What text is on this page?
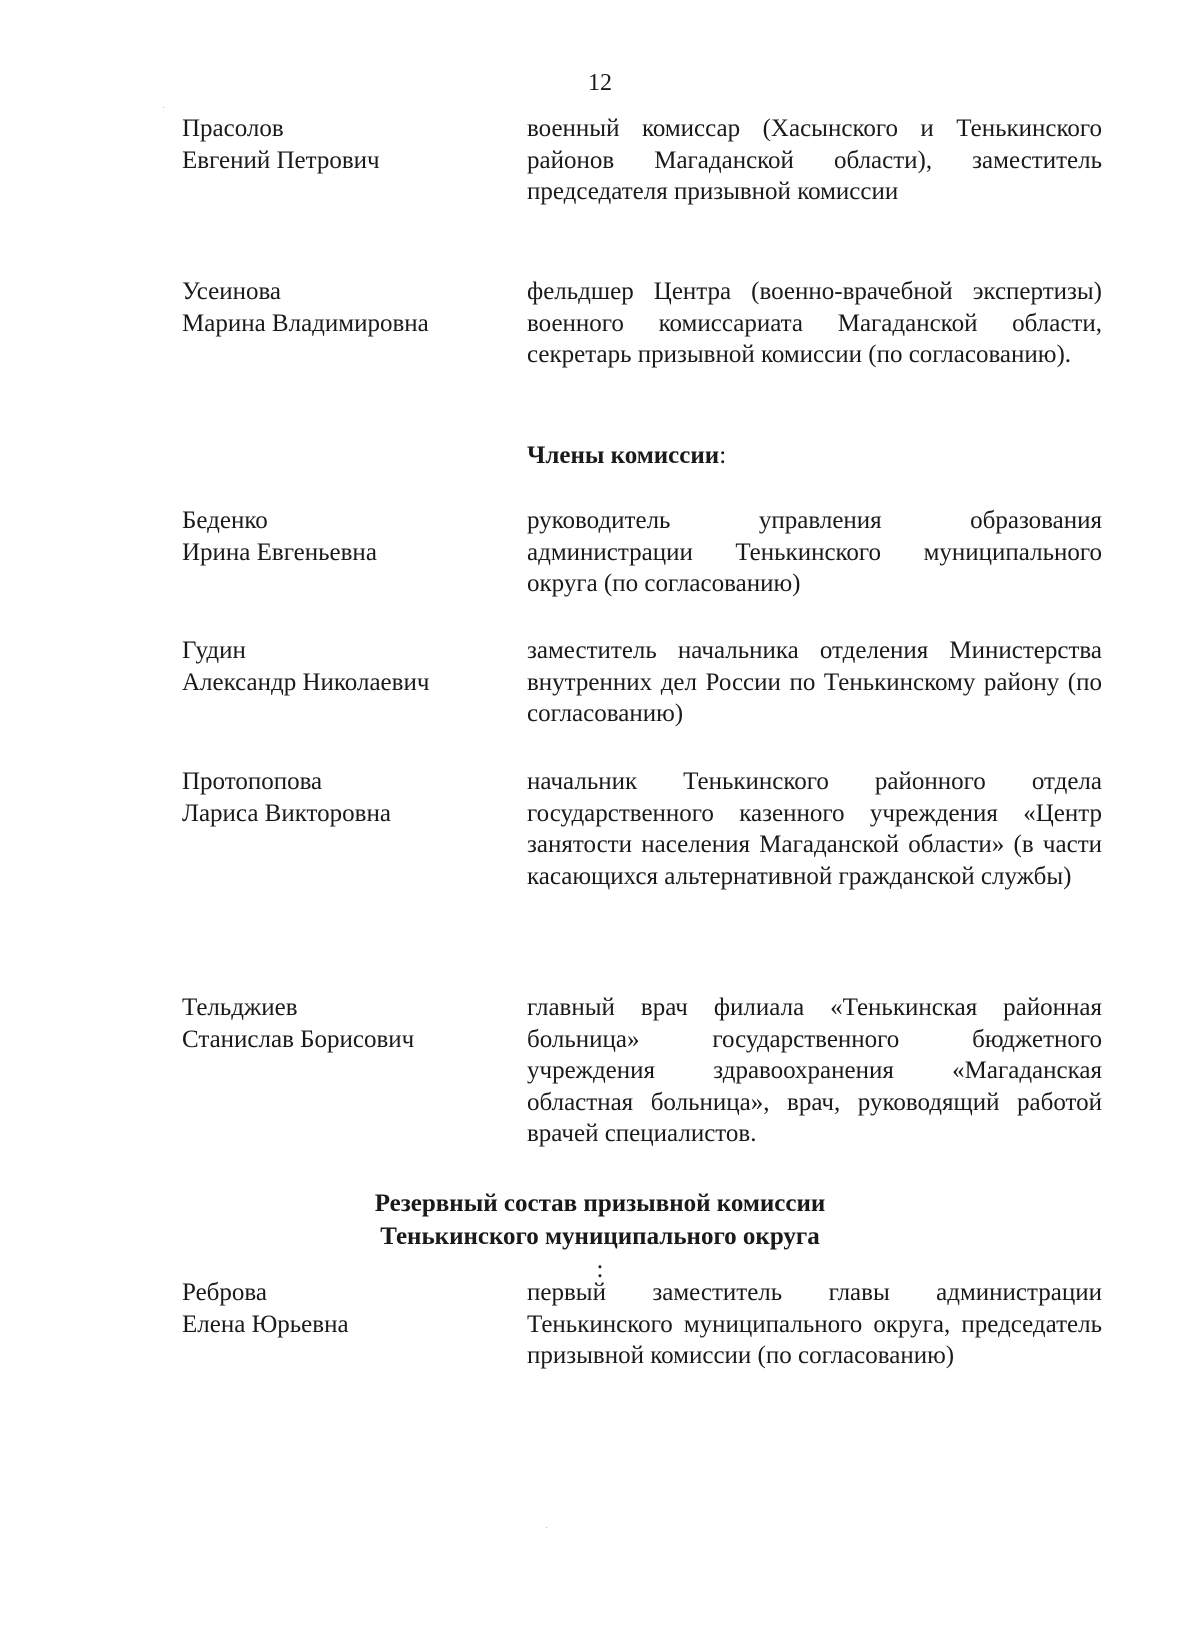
12
Прасолов
Евгений Петрович
военный комиссар (Хасынского и Тенькинского районов Магаданской области), заместитель председателя призывной комиссии
Усеинова
Марина Владимировна
фельдшер Центра (военно-врачебной экспертизы) военного комиссариата Магаданской области, секретарь призывной комиссии (по согласованию).
Члены комиссии:
Беденко
Ирина Евгеньевна
руководитель управления образования администрации Тенькинского муниципального округа (по согласованию)
Гудин
Александр Николаевич
заместитель начальника отделения Министерства внутренних дел России по Тенькинскому району (по согласованию)
Протопопова
Лариса Викторовна
начальник Тенькинского районного отдела государственного казенного учреждения «Центр занятости населения Магаданской области» (в части касающихся альтернативной гражданской службы)
Тельджиев
Станислав Борисович
главный врач филиала «Тенькинская районная больница» государственного бюджетного учреждения здравоохранения «Магаданская областная больница», врач, руководящий работой врачей специалистов.
Резервный состав призывной комиссии
Тенькинского муниципального округа
:
Реброва
Елена Юрьевна
первый заместитель главы администрации Тенькинского муниципального округа, председатель призывной комиссии (по согласованию)
·
·
